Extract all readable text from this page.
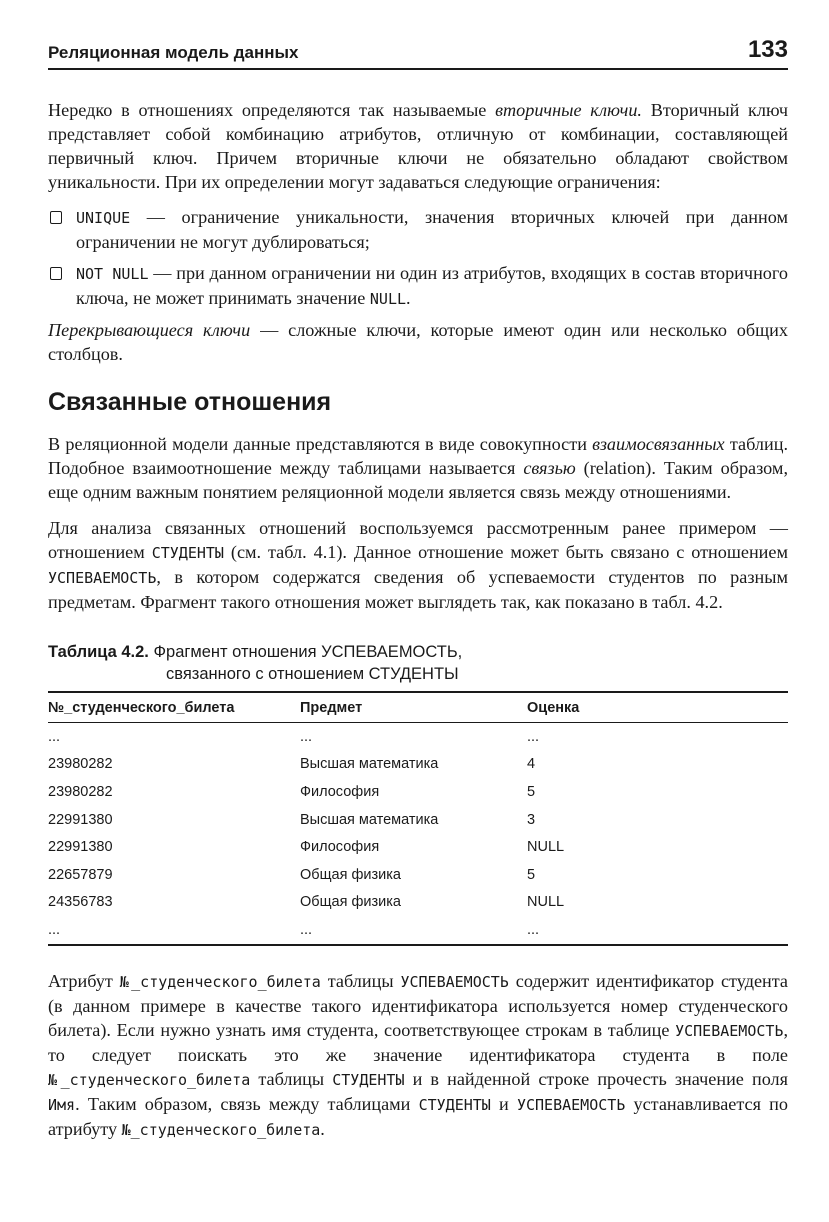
Реляционная модель данных	133

Нередко в отношениях определяются так называемые вторичные ключи. Вторичный ключ представляет собой комбинацию атрибутов, отличную от комбинации, составляющей первичный ключ. Причем вторичные ключи не обязательно обладают свойством уникальности. При их определении могут задаваться следующие ограничения:

UNIQUE — ограничение уникальности, значения вторичных ключей при данном ограничении не могут дублироваться;
NOT NULL — при данном ограничении ни один из атрибутов, входящих в состав вторичного ключа, не может принимать значение NULL.

Перекрывающиеся ключи — сложные ключи, которые имеют один или несколько общих столбцов.

Связанные отношения

В реляционной модели данные представляются в виде совокупности взаимосвязанных таблиц. Подобное взаимоотношение между таблицами называется связью (relation). Таким образом, еще одним важным понятием реляционной модели является связь между отношениями.

Для анализа связанных отношений воспользуемся рассмотренным ранее примером — отношением СТУДЕНТЫ (см. табл. 4.1). Данное отношение может быть связано с отношением УСПЕВАЕМОСТЬ, в котором содержатся сведения об успеваемости студентов по разным предметам. Фрагмент такого отношения может выглядеть так, как показано в табл. 4.2.

Таблица 4.2. Фрагмент отношения УСПЕВАЕМОСТЬ,
связанного с отношением СТУДЕНТЫ
№_студенческого_билета	Предмет	Оценка
...	...	...
23980282	Высшая математика	4
23980282	Философия	5
22991380	Высшая математика	3
22991380	Философия	NULL
22657879	Общая физика	5
24356783	Общая физика	NULL
...	...	...

Атрибут №_студенческого_билета таблицы УСПЕВАЕМОСТЬ содержит идентификатор студента (в данном примере в качестве такого идентификатора используется номер студенческого билета). Если нужно узнать имя студента, соответствующее строкам в таблице УСПЕВАЕМОСТЬ, то следует поискать это же значение идентификатора студента в поле №_студенческого_билета таблицы СТУДЕНТЫ и в найденной строке прочесть значение поля Имя. Таким образом, связь между таблицами СТУДЕНТЫ и УСПЕВАЕМОСТЬ устанавливается по атрибуту №_студенческого_билета.
